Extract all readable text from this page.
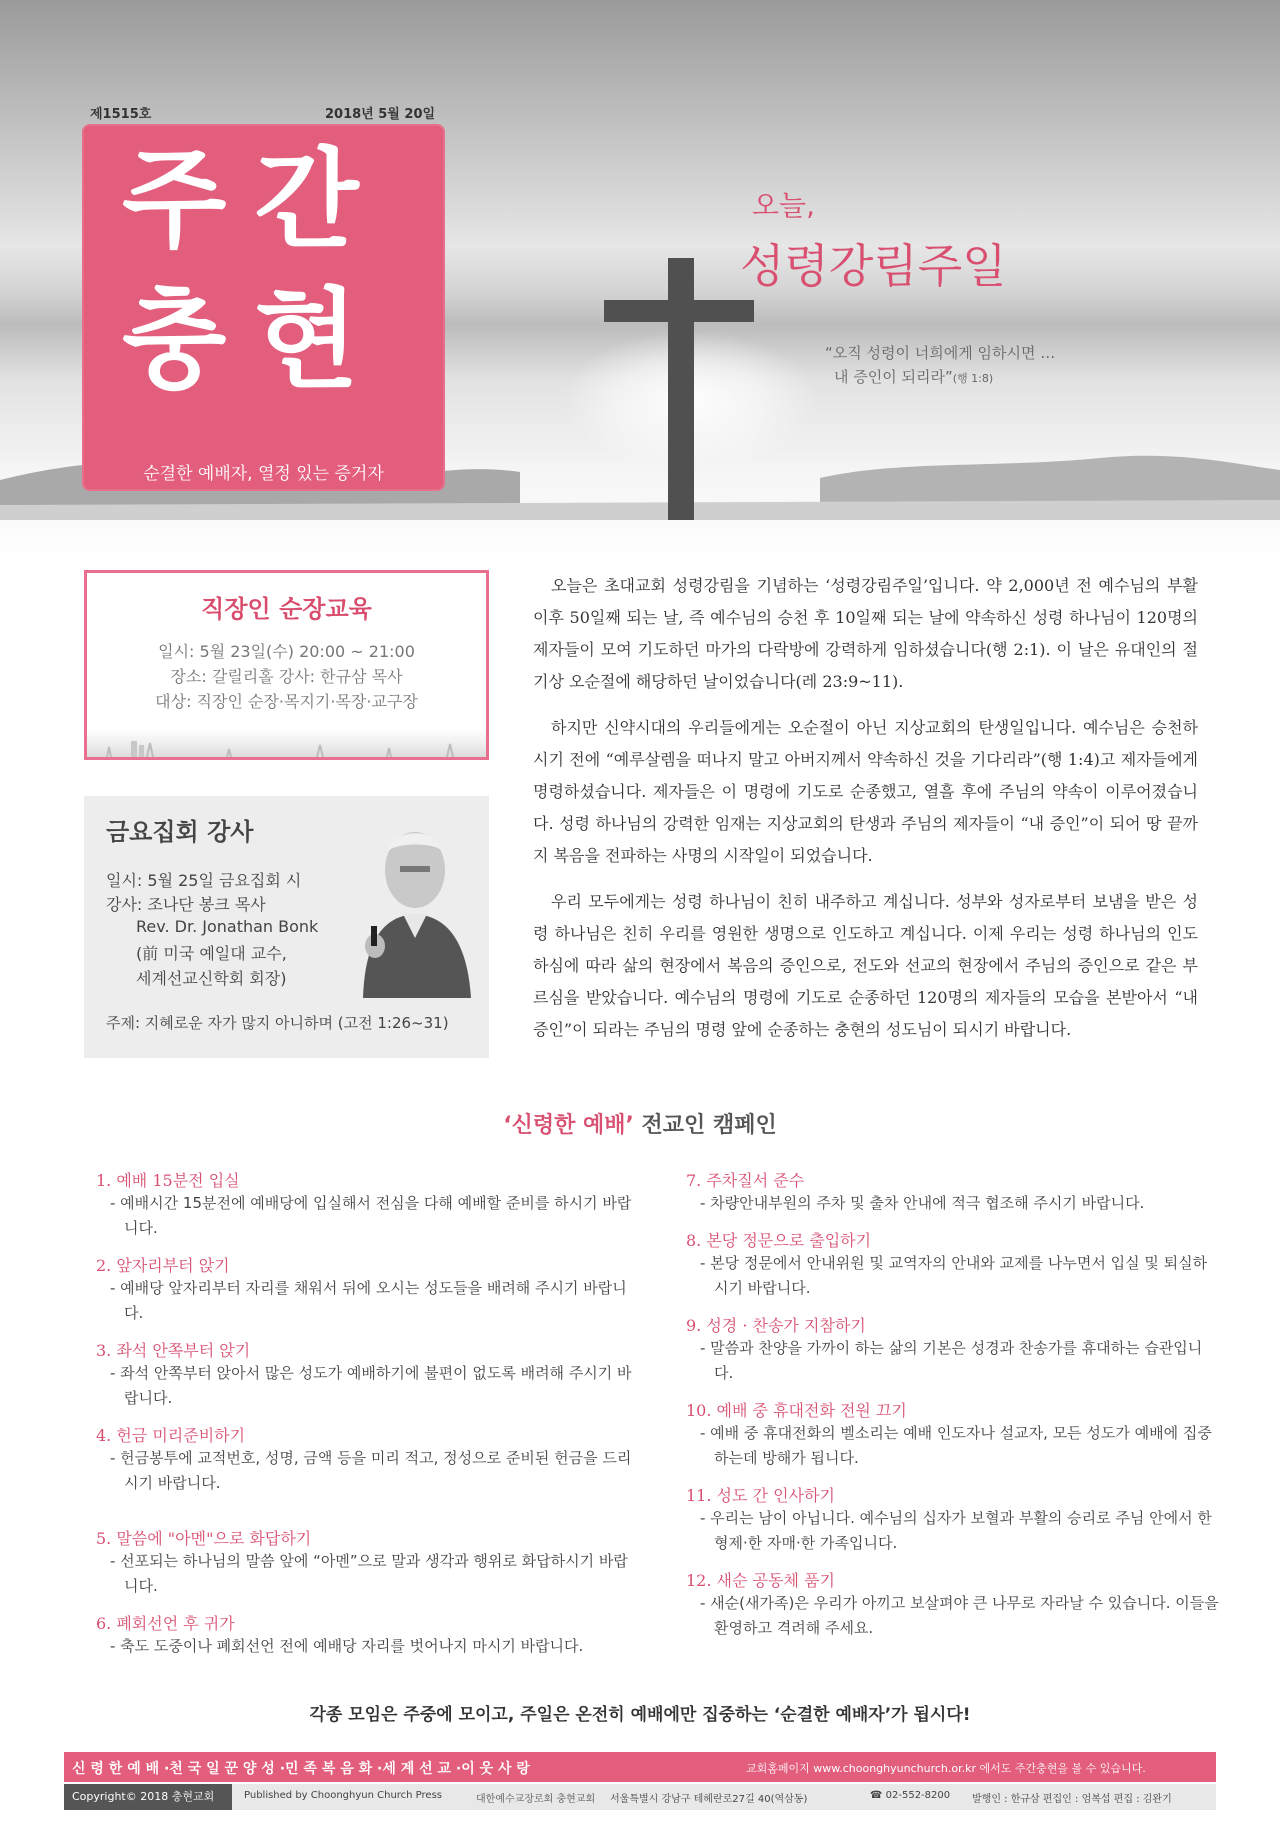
제1515호	2018년 5월 20일
주간
충현
순결한 예배자, 열정 있는 증거자
오늘,
성령강림주일
“오직 성령이 너희에게 임하시면 …
내 증인이 되리라”(행 1:8)
직장인 순장교육
일시: 5월 23일(수) 20:00 ~ 21:00
장소: 갈릴리홀 강사: 한규삼 목사
대상: 직장인 순장·목지기·목장·교구장
금요집회 강사
일시: 5월 25일 금요집회 시
강사: 조나단 봉크 목사
Rev. Dr. Jonathan Bonk
(前 미국 예일대 교수,
세계선교신학회 회장)
주제: 지혜로운 자가 많지 아니하며 (고전 1:26~31)

오늘은 초대교회 성령강림을 기념하는 ‘성령강림주일’입니다. 약 2,000년 전 예수님의 부활 이후 50일째 되는 날, 즉 예수님의 승천 후 10일째 되는 날에 약속하신 성령 하나님이 120명의 제자들이 모여 기도하던 마가의 다락방에 강력하게 임하셨습니다(행 2:1). 이 날은 유대인의 절기상 오순절에 해당하던 날이었습니다(레 23:9~11).

하지만 신약시대의 우리들에게는 오순절이 아닌 지상교회의 탄생일입니다. 예수님은 승천하시기 전에 “예루살렘을 떠나지 말고 아버지께서 약속하신 것을 기다리라”(행 1:4)고 제자들에게 명령하셨습니다. 제자들은 이 명령에 기도로 순종했고, 열흘 후에 주님의 약속이 이루어졌습니다. 성령 하나님의 강력한 임재는 지상교회의 탄생과 주님의 제자들이 “내 증인”이 되어 땅 끝까지 복음을 전파하는 사명의 시작일이 되었습니다.

우리 모두에게는 성령 하나님이 친히 내주하고 계십니다. 성부와 성자로부터 보냄을 받은 성령 하나님은 친히 우리를 영원한 생명으로 인도하고 계십니다. 이제 우리는 성령 하나님의 인도하심에 따라 삶의 현장에서 복음의 증인으로, 전도와 선교의 현장에서 주님의 증인으로 같은 부르심을 받았습니다. 예수님의 명령에 기도로 순종하던 120명의 제자들의 모습을 본받아서 “내 증인”이 되라는 주님의 명령 앞에 순종하는 충현의 성도님이 되시기 바랍니다.

‘신령한 예배’ 전교인 캠페인

1. 예배 15분전 입실

- 예배시간 15분전에 예배당에 입실해서 전심을 다해 예배할 준비를 하시기 바랍니다.

2. 앞자리부터 앉기

- 예배당 앞자리부터 자리를 채워서 뒤에 오시는 성도들을 배려해 주시기 바랍니다.

3. 좌석 안쪽부터 앉기

- 좌석 안쪽부터 앉아서 많은 성도가 예배하기에 불편이 없도록 배려해 주시기 바랍니다.

4. 헌금 미리준비하기

- 헌금봉투에 교적번호, 성명, 금액 등을 미리 적고, 정성으로 준비된 헌금을 드리시기 바랍니다.

5. 말씀에 "아멘"으로 화답하기

- 선포되는 하나님의 말씀 앞에 “아멘”으로 말과 생각과 행위로 화답하시기 바랍니다.

6. 폐회선언 후 귀가

- 축도 도중이나 폐회선언 전에 예배당 자리를 벗어나지 마시기 바랍니다.

7. 주차질서 준수

- 차량안내부원의 주차 및 출차 안내에 적극 협조해 주시기 바랍니다.

8. 본당 정문으로 출입하기

- 본당 정문에서 안내위원 및 교역자의 안내와 교제를 나누면서 입실 및 퇴실하시기 바랍니다.

9. 성경 · 찬송가 지참하기

- 말씀과 찬양을 가까이 하는 삶의 기본은 성경과 찬송가를 휴대하는 습관입니다.

10. 예배 중 휴대전화 전원 끄기

- 예배 중 휴대전화의 벨소리는 예배 인도자나 설교자, 모든 성도가 예배에 집중하는데 방해가 됩니다.

11. 성도 간 인사하기

- 우리는 남이 아닙니다. 예수님의 십자가 보혈과 부활의 승리로 주님 안에서 한 형제·한 자매·한 가족입니다.

12. 새순 공동체 품기

- 새순(새가족)은 우리가 아끼고 보살펴야 큰 나무로 자라날 수 있습니다. 이들을 환영하고 격려해 주세요.

각종 모임은 주중에 모이고, 주일은 온전히 예배에만 집중하는 ‘순결한 예배자’가 됩시다!
신 령 한 예 배 ·천 국 일 꾼 양 성 ·민 족 복 음 화 ·세 계 선 교 ·이 웃 사 랑	교회홈페이지 www.choonghyunchurch.or.kr 에서도 주간충현을 볼 수 있습니다.
Copyright© 2018 충현교회	Published by Choonghyun Church Press	대한예수교장로회 충현교회 서울특별시 강남구 테헤란로27길 40(역삼동)	☎ 02-552-8200 발행인 : 한규삼 편집인 : 엄복섭 편집 : 김완기
